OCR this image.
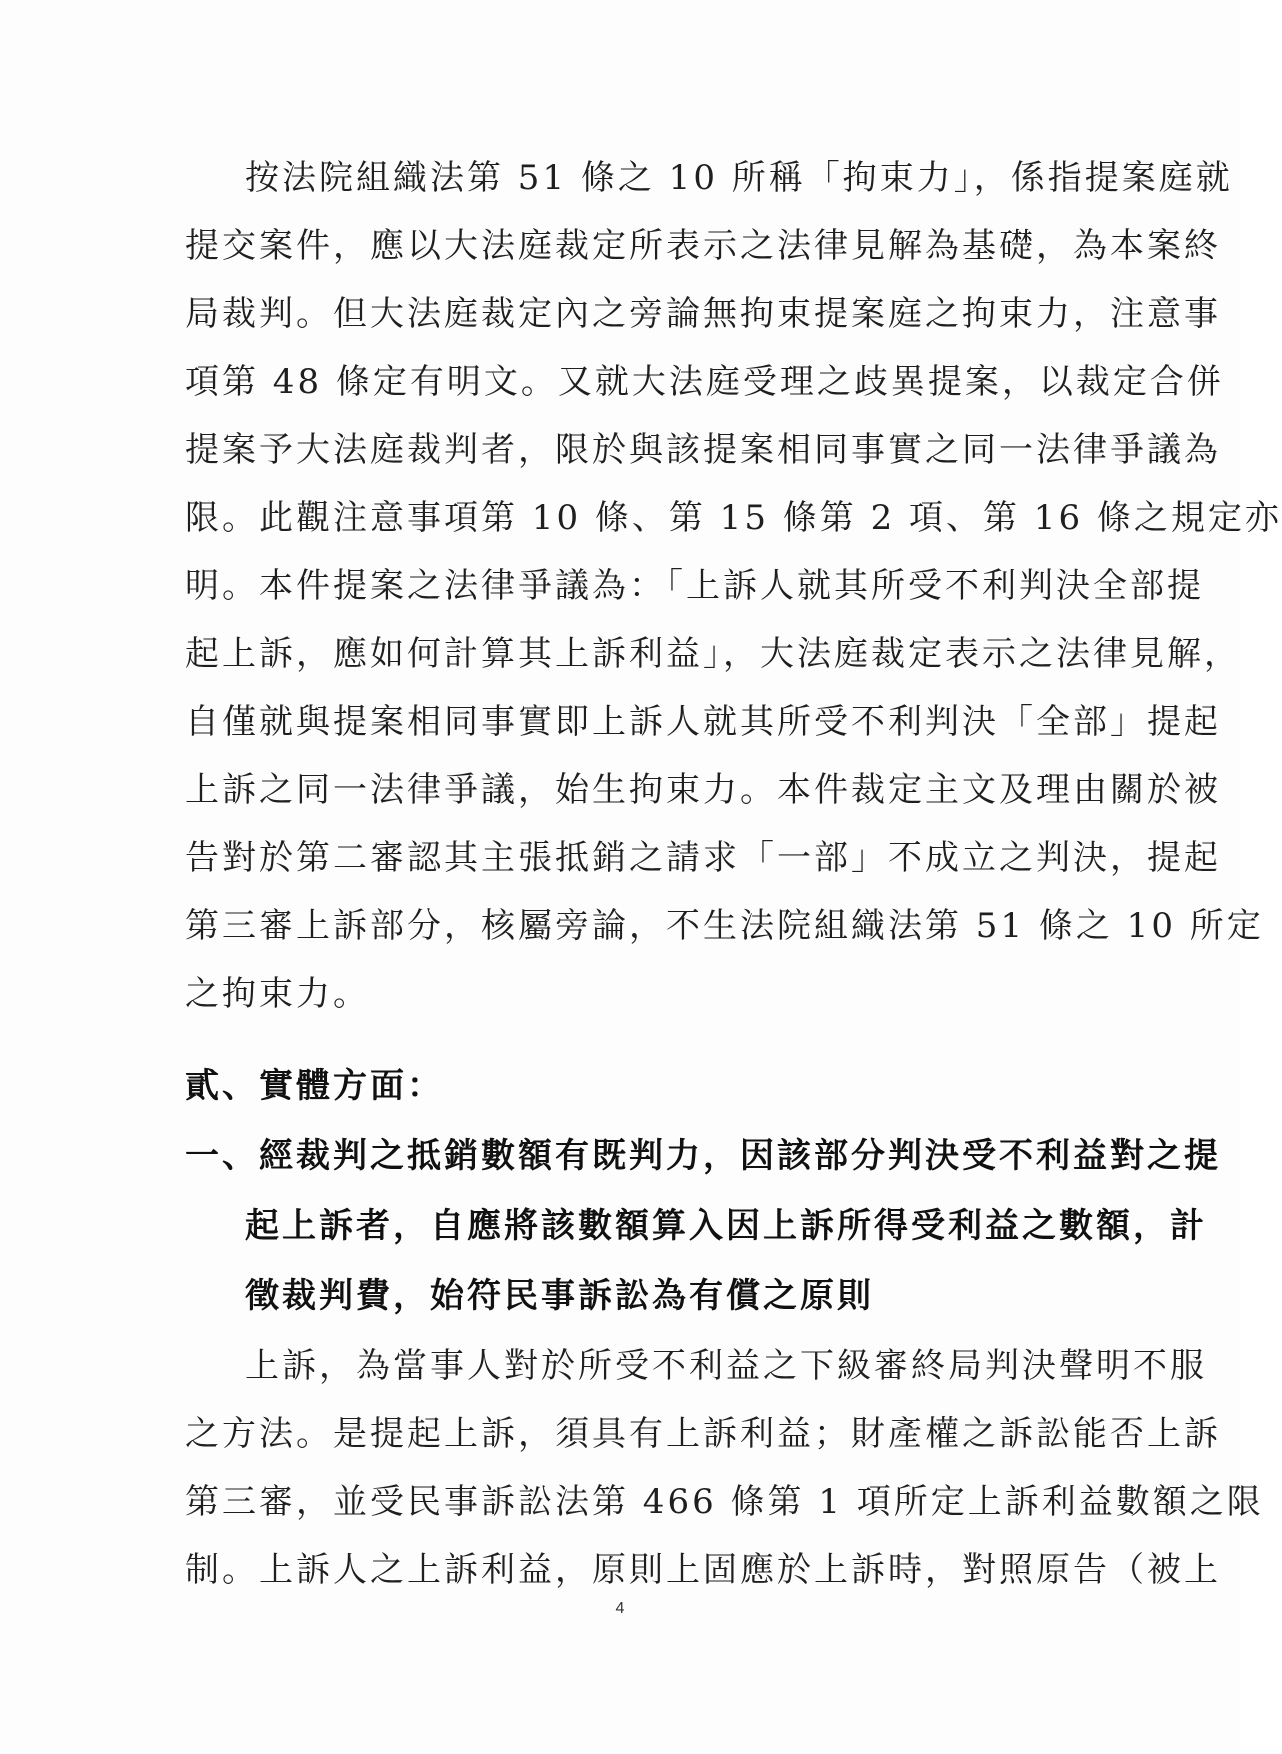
按法院組織法第 51 條之 10 所稱「拘束力」，係指提案庭就
提交案件，應以大法庭裁定所表示之法律見解為基礎，為本案終
局裁判。但大法庭裁定內之旁論無拘束提案庭之拘束力，注意事
項第 48 條定有明文。又就大法庭受理之歧異提案，以裁定合併
提案予大法庭裁判者，限於與該提案相同事實之同一法律爭議為
限。此觀注意事項第 10 條、第 15 條第 2 項、第 16 條之規定亦
明。本件提案之法律爭議為：「上訴人就其所受不利判決全部提
起上訴，應如何計算其上訴利益」，大法庭裁定表示之法律見解，
自僅就與提案相同事實即上訴人就其所受不利判決「全部」提起
上訴之同一法律爭議，始生拘束力。本件裁定主文及理由關於被
告對於第二審認其主張抵銷之請求「一部」不成立之判決，提起
第三審上訴部分，核屬旁論，不生法院組織法第 51 條之 10 所定
之拘束力。
貳、實體方面：
一、經裁判之抵銷數額有既判力，因該部分判決受不利益對之提
起上訴者，自應將該數額算入因上訴所得受利益之數額，計
徵裁判費，始符民事訴訟為有償之原則
上訴，為當事人對於所受不利益之下級審終局判決聲明不服
之方法。是提起上訴，須具有上訴利益；財產權之訴訟能否上訴
第三審，並受民事訴訟法第 466 條第 1 項所定上訴利益數額之限
制。上訴人之上訴利益，原則上固應於上訴時，對照原告（被上
4
